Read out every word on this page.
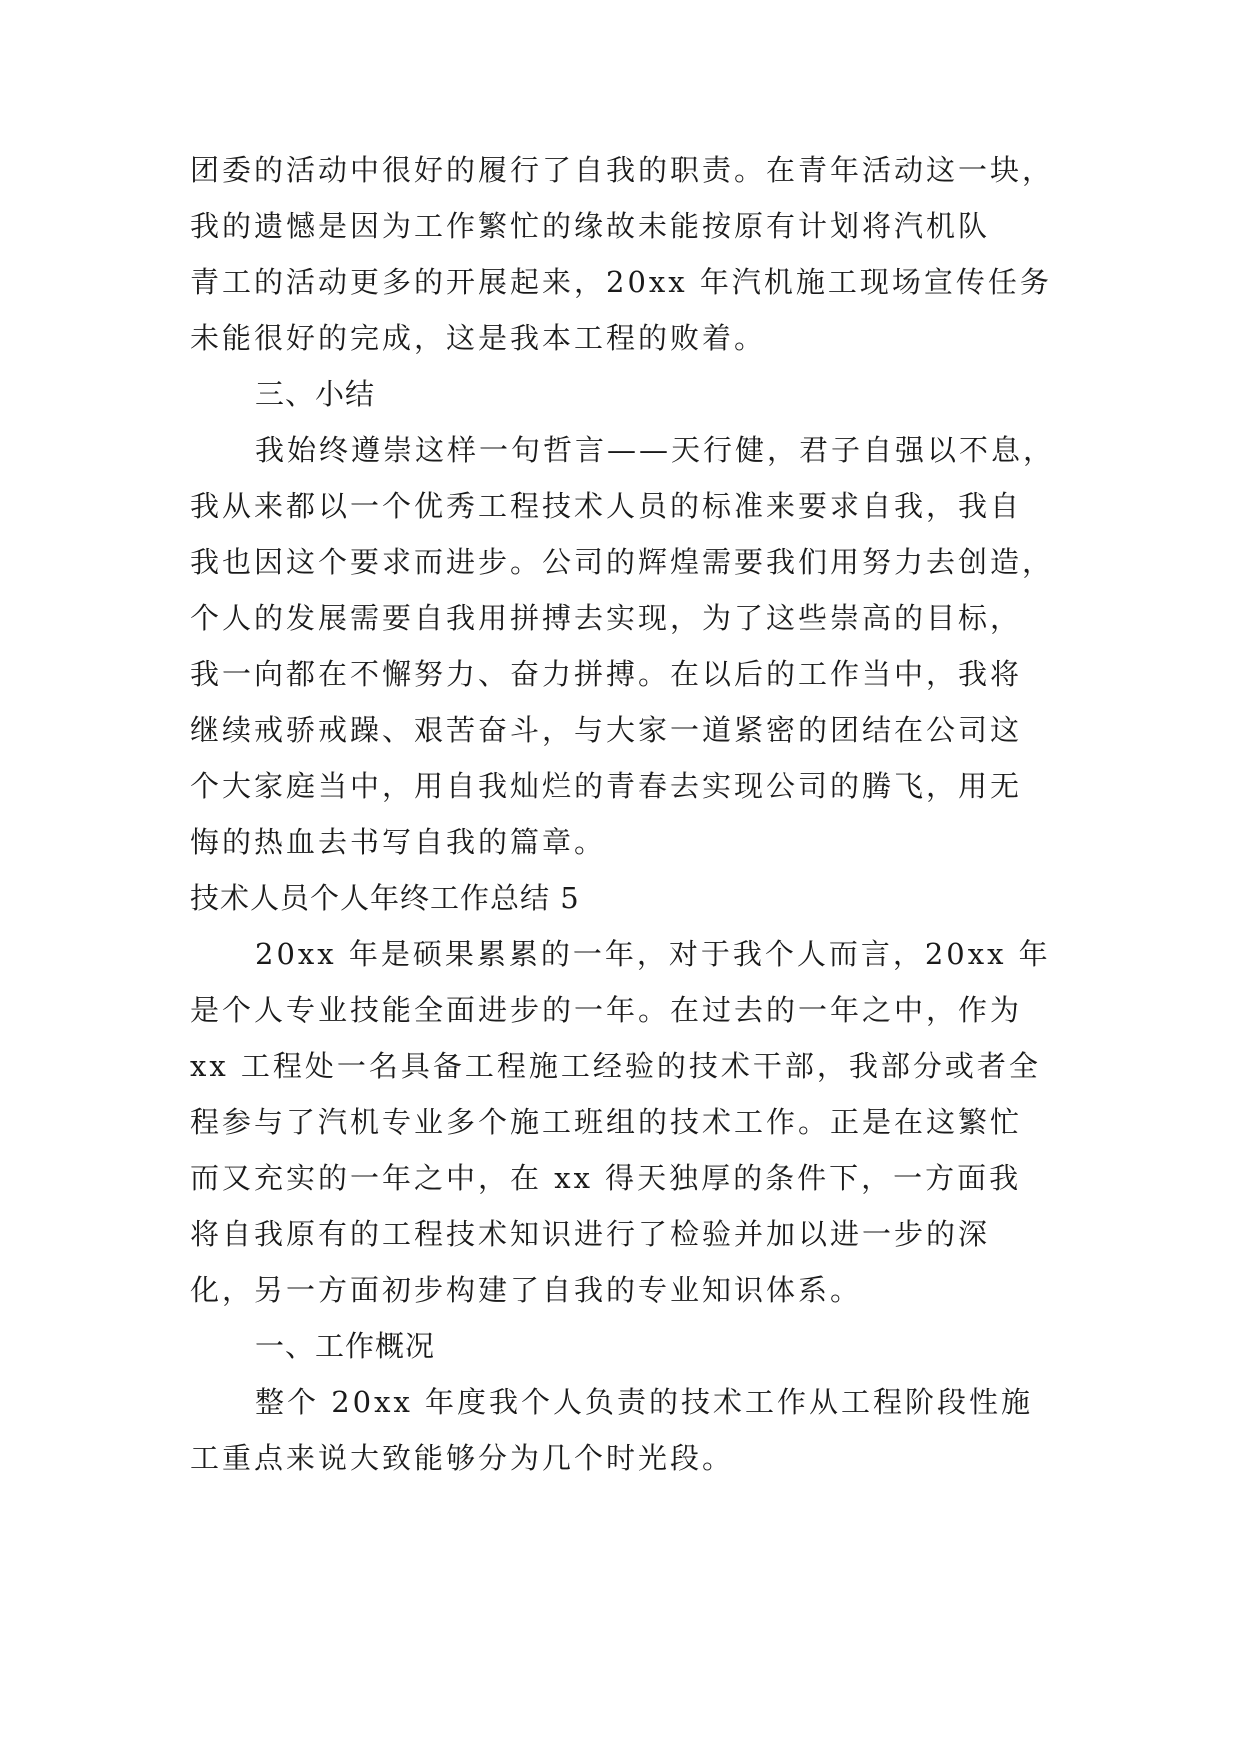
团委的活动中很好的履行了自我的职责。在青年活动这一块，
我的遗憾是因为工作繁忙的缘故未能按原有计划将汽机队
青工的活动更多的开展起来，20xx 年汽机施工现场宣传任务
未能很好的完成，这是我本工程的败着。
三、小结
我始终遵崇这样一句哲言——天行健，君子自强以不息，
我从来都以一个优秀工程技术人员的标准来要求自我，我自
我也因这个要求而进步。公司的辉煌需要我们用努力去创造，
个人的发展需要自我用拼搏去实现，为了这些崇高的目标，
我一向都在不懈努力、奋力拼搏。在以后的工作当中，我将
继续戒骄戒躁、艰苦奋斗，与大家一道紧密的团结在公司这
个大家庭当中，用自我灿烂的青春去实现公司的腾飞，用无
悔的热血去书写自我的篇章。
技术人员个人年终工作总结 5
20xx 年是硕果累累的一年，对于我个人而言，20xx 年
是个人专业技能全面进步的一年。在过去的一年之中，作为
xx 工程处一名具备工程施工经验的技术干部，我部分或者全
程参与了汽机专业多个施工班组的技术工作。正是在这繁忙
而又充实的一年之中，在 xx 得天独厚的条件下，一方面我
将自我原有的工程技术知识进行了检验并加以进一步的深
化，另一方面初步构建了自我的专业知识体系。
一、工作概况
整个 20xx 年度我个人负责的技术工作从工程阶段性施
工重点来说大致能够分为几个时光段。
